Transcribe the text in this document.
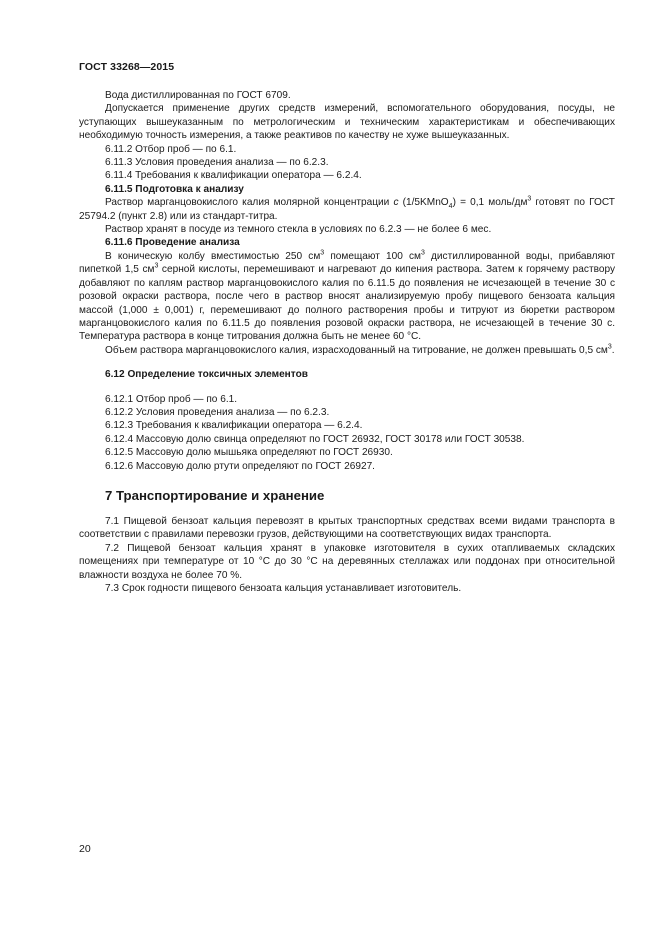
ГОСТ 33268—2015

Вода дистиллированная по ГОСТ 6709.

Допускается применение других средств измерений, вспомогательного оборудования, посуды, не уступающих вышеуказанным по метрологическим и техническим характеристикам и обеспечивающих необходимую точность измерения, а также реактивов по качеству не хуже вышеуказанных.

6.11.2 Отбор проб — по 6.1.

6.11.3 Условия проведения анализа — по 6.2.3.

6.11.4 Требования к квалификации оператора — 6.2.4.

6.11.5 Подготовка к анализу

Раствор марганцовокислого калия молярной концентрации c (1/5KMnO$_4$) = 0,1 моль/$дм^3$ готовят по ГОСТ 25794.2 (пункт 2.8) или из стандарт-титра.

Раствор хранят в посуде из темного стекла в условиях по 6.2.3 — не более 6 мес.

6.11.6 Проведение анализа

В коническую колбу вместимостью 250 $см^3$ помещают 100 $см^3$ дистиллированной воды, прибавляют пипеткой 1,5 $см^3$ серной кислоты, перемешивают и нагревают до кипения раствора. Затем к горячему раствору добавляют по каплям раствор марганцовокислого калия по 6.11.5 до появления не исчезающей в течение 30 с розовой окраски раствора, после чего в раствор вносят анализируемую пробу пищевого бензоата кальция массой (1,000 ± 0,001) г, перемешивают до полного растворения пробы и титруют из бюретки раствором марганцовокислого калия по 6.11.5 до появления розовой окраски раствора, не исчезающей в течение 30 с. Температура раствора в конце титрования должна быть не менее 60 °С.

Объем раствора марганцовокислого калия, израсходованный на титрование, не должен превышать 0,5 $см^3$.

6.12 Определение токсичных элементов

6.12.1 Отбор проб — по 6.1.

6.12.2 Условия проведения анализа — по 6.2.3.

6.12.3 Требования к квалификации оператора — 6.2.4.

6.12.4 Массовую долю свинца определяют по ГОСТ 26932, ГОСТ 30178 или ГОСТ 30538.

6.12.5 Массовую долю мышьяка определяют по ГОСТ 26930.

6.12.6 Массовую долю ртути определяют по ГОСТ 26927.

7 Транспортирование и хранение

7.1 Пищевой бензоат кальция перевозят в крытых транспортных средствах всеми видами транспорта в соответствии с правилами перевозки грузов, действующими на соответствующих видах транспорта.

7.2 Пищевой бензоат кальция хранят в упаковке изготовителя в сухих отапливаемых складских помещениях при температуре от 10 °С до 30 °С на деревянных стеллажах или поддонах при относительной влажности воздуха не более 70 %.

7.3 Срок годности пищевого бензоата кальция устанавливает изготовитель.

20
